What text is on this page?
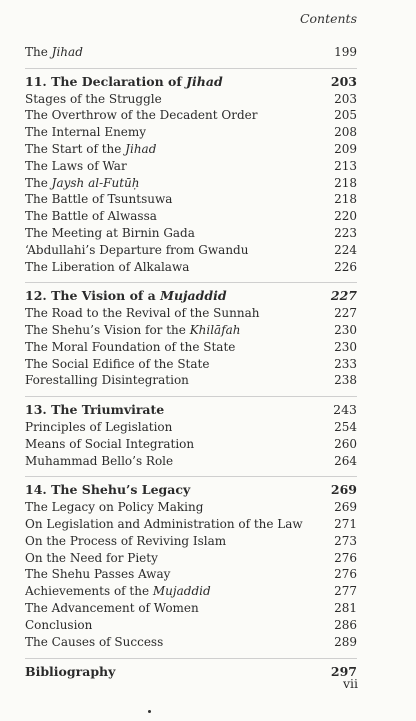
Contents
The Jihad	199
11. The Declaration of Jihad	203
Stages of the Struggle	203
The Overthrow of the Decadent Order	205
The Internal Enemy	208
The Start of the Jihad	209
The Laws of War	213
The Jaysh al-Futūḥ	218
The Battle of Tsuntsuwa	218
The Battle of Alwassa	220
The Meeting at Birnin Gada	223
ʻAbdullahi’s Departure from Gwandu	224
The Liberation of Alkalawa	226
12. The Vision of a Mujaddid	227
The Road to the Revival of the Sunnah	227
The Shehu’s Vision for the Khilāfah	230
The Moral Foundation of the State	230
The Social Edifice of the State	233
Forestalling Disintegration	238
13. The Triumvirate	243
Principles of Legislation	254
Means of Social Integration	260
Muhammad Bello’s Role	264
14. The Shehu’s Legacy	269
The Legacy on Policy Making	269
On Legislation and Administration of the Law	271
On the Process of Reviving Islam	273
On the Need for Piety	276
The Shehu Passes Away	276
Achievements of the Mujaddid	277
The Advancement of Women	281
Conclusion	286
The Causes of Success	289
Bibliography	297
vii
